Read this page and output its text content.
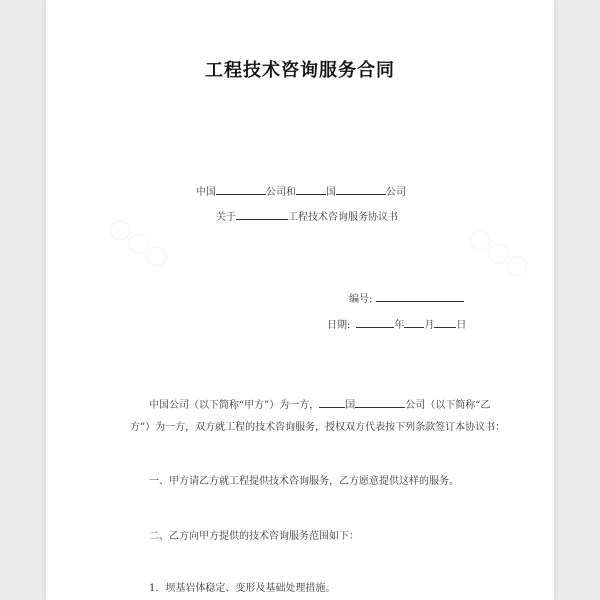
工程技术咨询服务合同
中国	公司和	国	公司
关于	工程技术咨询服务协议书
编号:
日期:	年 月 日
中国公司（以下简称“甲方”）为一方，	国	公司（以下简称“乙
方”）为一方，双方就工程的技术咨询服务，授权双方代表按下列条款签订本协议书：
一、甲方请乙方就工程提供技术咨询服务，乙方愿意提供这样的服务。
二、乙方向甲方提供的技术咨询服务范围如下：
1．坝基岩体稳定、变形及基础处理措施。
